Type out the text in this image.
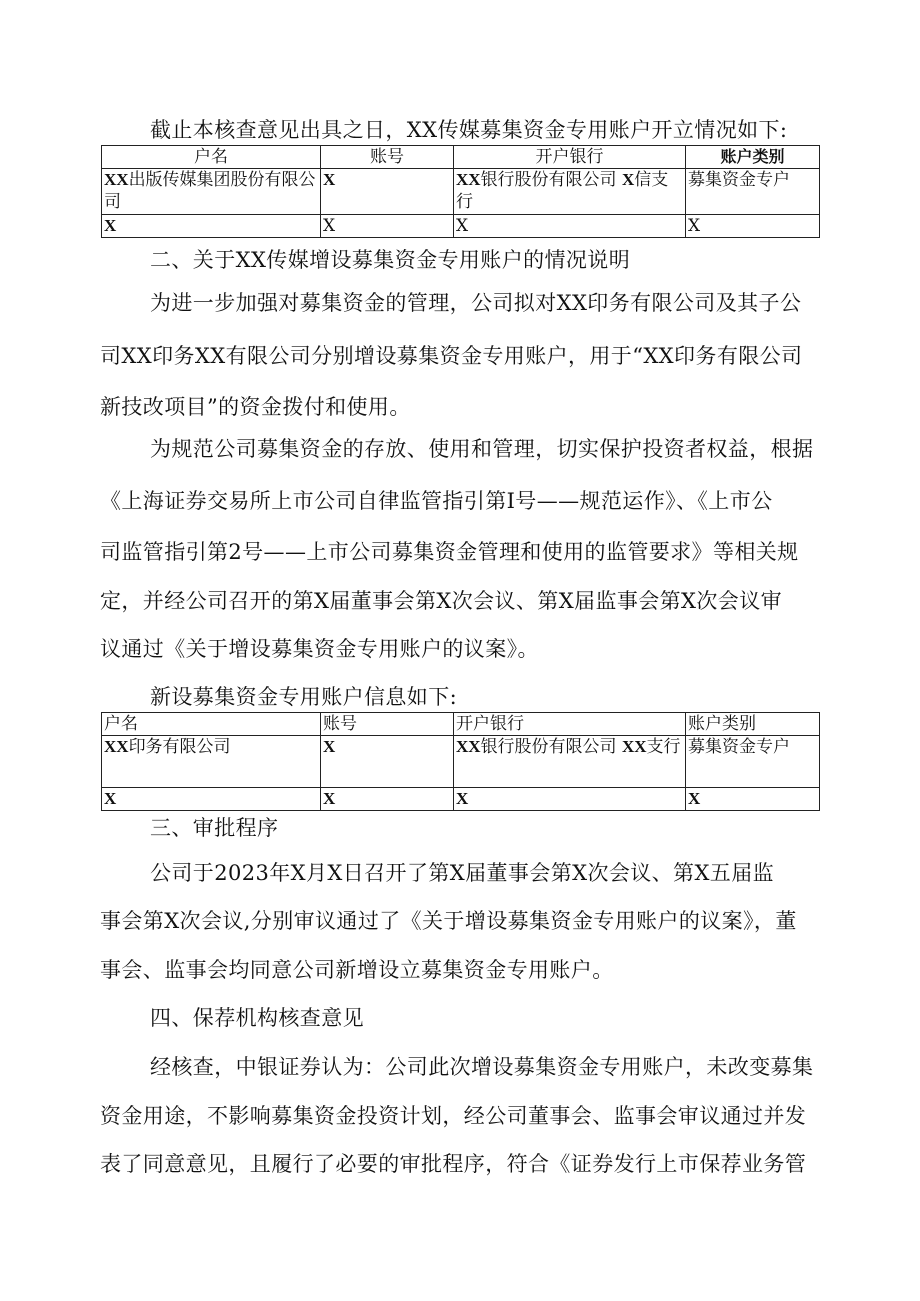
截止本核查意见出具之日，XX传媒募集资金专用账户开立情况如下:
户名	账号	开户银行	账户类别
XX出版传媒集团股份有限公司	X	XX银行股份有限公司 X信支行	募集资金专户
X	X	X	X
二、关于XX传媒增设募集资金专用账户的情况说明
为进一步加强对募集资金的管理，公司拟对XX印务有限公司及其子公
司XX印务XX有限公司分别增设募集资金专用账户，用于“XX印务有限公司
新技改项目”的资金拨付和使用。
为规范公司募集资金的存放、使用和管理，切实保护投资者权益，根据
《上海证券交易所上市公司自律监管指引第I号——规范运作》、《上市公
司监管指引第2号——上市公司募集资金管理和使用的监管要求》等相关规
定，并经公司召开的第X届董事会第X次会议、第X届监事会第X次会议审
议通过《关于增设募集资金专用账户的议案》。
新设募集资金专用账户信息如下:
户名	账号	开户银行	账户类别
XX印务有限公司	X	XX银行股份有限公司 XX支行	募集资金专户
X	X	X	X
三、审批程序
公司于2023年X月X日召开了第X届董事会第X次会议、第X五届监
事会第X次会议,分别审议通过了《关于增设募集资金专用账户的议案》，董
事会、监事会均同意公司新增设立募集资金专用账户。
四、保荐机构核查意见
经核查，中银证券认为：公司此次增设募集资金专用账户，未改变募集
资金用途，不影响募集资金投资计划，经公司董事会、监事会审议通过并发
表了同意意见，且履行了必要的审批程序，符合《证券发行上市保荐业务管
